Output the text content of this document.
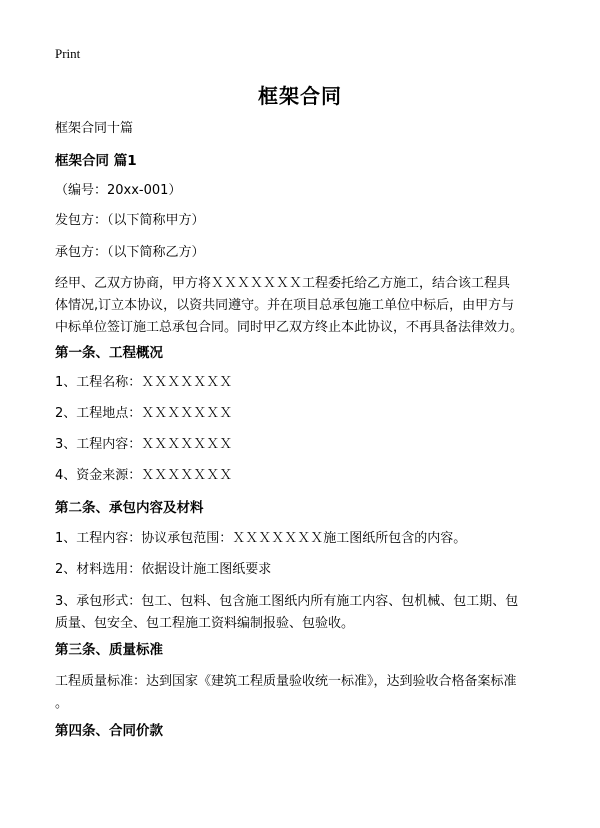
Print
框架合同
框架合同十篇
框架合同 篇1
（编号：20xx-001）
发包方：（以下简称甲方）
承包方：（以下简称乙方）
经甲、乙双方协商，甲方将ＸＸＸＸＸＸＸ工程委托给乙方施工，结合该工程具
体情况,订立本协议，以资共同遵守。并在项目总承包施工单位中标后，由甲方与
中标单位签订施工总承包合同。同时甲乙双方终止本此协议，不再具备法律效力。
第一条、工程概况
1、工程名称：ＸＸＸＸＸＸＸ
2、工程地点：ＸＸＸＸＸＸＸ
3、工程内容：ＸＸＸＸＸＸＸ
4、资金来源：ＸＸＸＸＸＸＸ
第二条、承包内容及材料
1、工程内容：协议承包范围：ＸＸＸＸＸＸＸ施工图纸所包含的内容。
2、材料选用：依据设计施工图纸要求
3、承包形式：包工、包料、包含施工图纸内所有施工内容、包机械、包工期、包
质量、包安全、包工程施工资料编制报验、包验收。
第三条、质量标准
工程质量标准：达到国家《建筑工程质量验收统一标准》，达到验收合格备案标准
。
第四条、合同价款
